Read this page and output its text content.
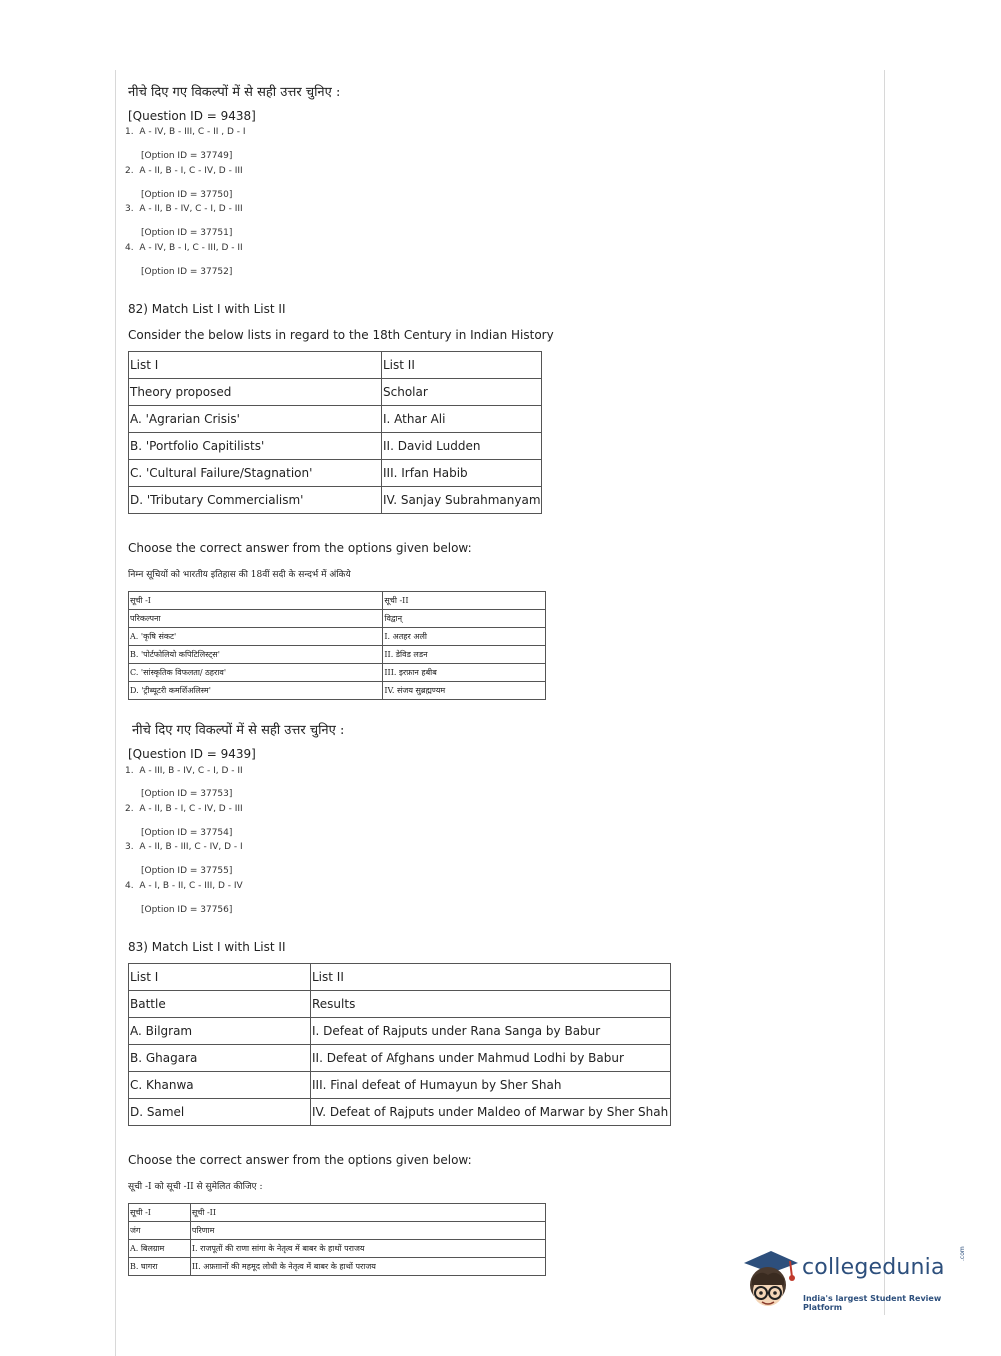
नीचे दिए गए विकल्पों में से सही उत्तर चुनिए :
[Question ID = 9438]
1. A - IV, B - III, C - II , D - I
[Option ID = 37749]
2. A - II, B - I, C - IV, D - III
[Option ID = 37750]
3. A - II, B - IV, C - I, D - III
[Option ID = 37751]
4. A - IV, B - I, C - III, D - II
[Option ID = 37752]
82) Match List I with List II
Consider the below lists in regard to the 18th Century in Indian History
List I	List II
Theory proposed	Scholar
A. 'Agrarian Crisis'	I. Athar Ali
B. 'Portfolio Capitilists'	II. David Ludden
C. 'Cultural Failure/Stagnation'	III. Irfan Habib
D. 'Tributary Commercialism'	IV. Sanjay Subrahmanyam
Choose the correct answer from the options given below:
निम्न सूचियों को भारतीय इतिहास की 18वीं सदी के सन्दर्भ में अंकिये
सूची -I	सूची -II
परिकल्पना	विद्वान्
A. 'कृषि संकट'	I. अतहर अली
B. 'पोर्टफोलियो कपिटिलिस्ट्स'	II. डेविड लडन
C. 'सांस्कृतिक विफलता/ ठहराव'	III. इरफ़ान हबीब
D. 'ट्रीब्यूटरी कमर्शिअलिस्म'	IV. संजय सुब्रह्मण्यम
नीचे दिए गए विकल्पों में से सही उत्तर चुनिए :
[Question ID = 9439]
1. A - III, B - IV, C - I, D - II
[Option ID = 37753]
2. A - II, B - I, C - IV, D - III
[Option ID = 37754]
3. A - II, B - III, C - IV, D - I
[Option ID = 37755]
4. A - I, B - II, C - III, D - IV
[Option ID = 37756]
83) Match List I with List II
List I	List II
Battle	Results
A. Bilgram	I. Defeat of Rajputs under Rana Sanga by Babur
B. Ghagara	II. Defeat of Afghans under Mahmud Lodhi by Babur
C. Khanwa	III. Final defeat of Humayun by Sher Shah
D. Samel	IV. Defeat of Rajputs under Maldeo of Marwar by Sher Shah
Choose the correct answer from the options given below:
सूची -I को सूची -II से सुमेलित कीजिए :
सूची -I	सूची -II
जंग	परिणाम
A. बिलग्राम	I. राजपूतों की राणा सांगा के नेतृत्व में बाबर के हाथों पराजय
B. घागरा	II. अफ़ग़ानों की महमूद लोधी के नेतृत्व में बाबर के हाथों पराजय	collegedunia
.com
India's largest Student Review Platform
